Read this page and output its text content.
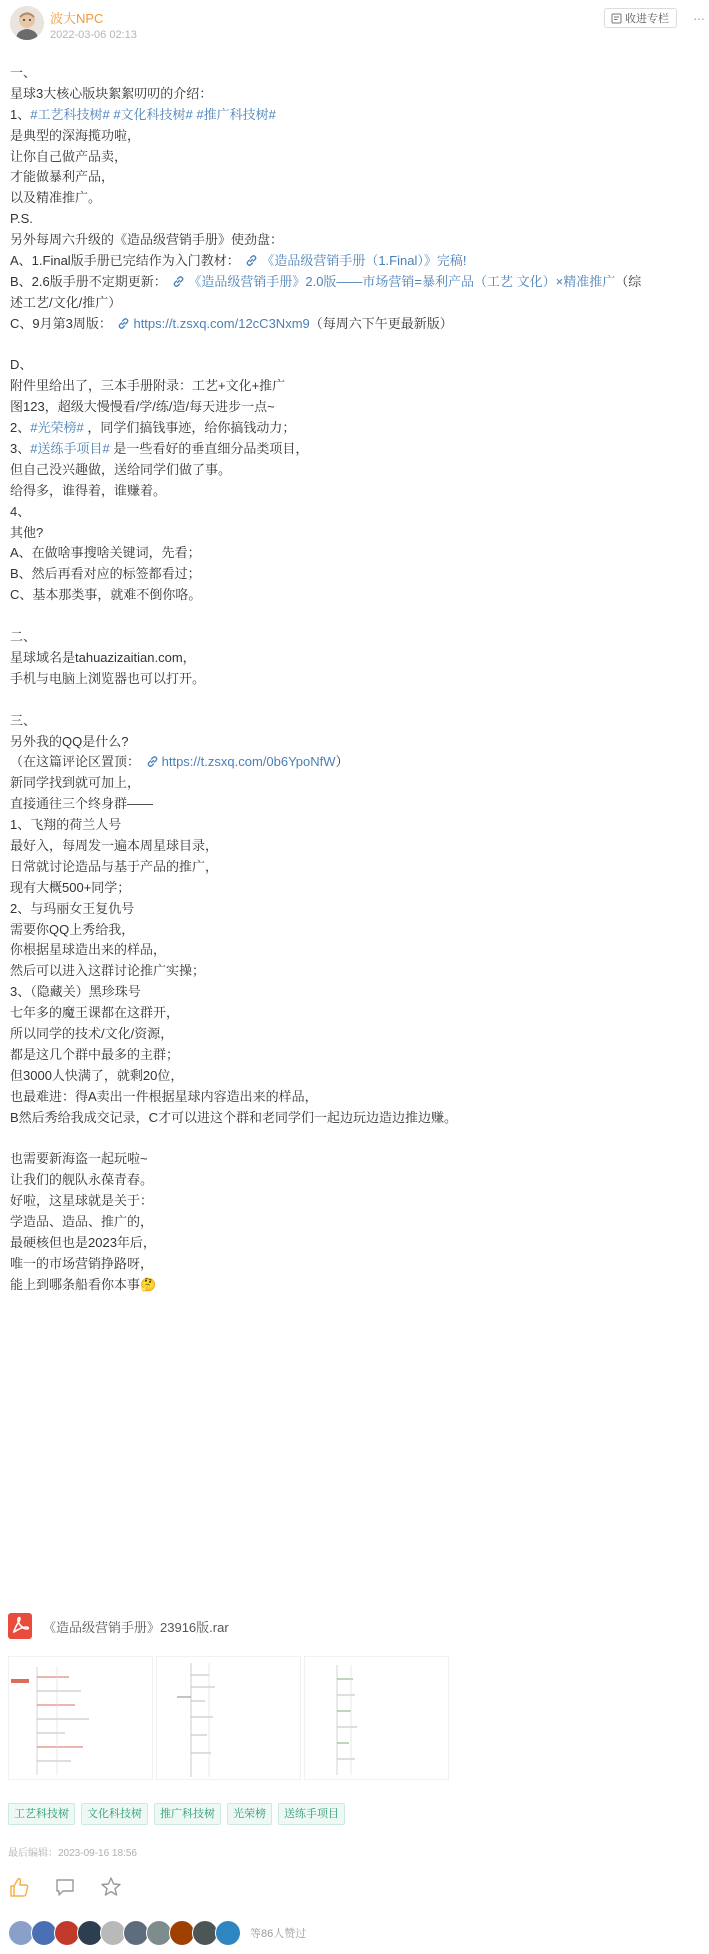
波大NPC
2022-03-06 02:13
收进专栏 ···
一、
星球3大核心版块絮絮叨叨的介绍：
1、#工艺科技树# #文化科技树# #推广科技树#
是典型的深海揽功啦，
让你自己做产品卖，
才能做暴利产品，
以及精准推广。
P.S.
另外每周六升级的《造品级营销手册》使劲盘：
A、1.Final版手册已完结作为入门教材： 《造品级营销手册（1.Final）》完稿!
B、2.6版手册不定期更新： 《造品级营销手册》2.0版——市场营销=暴利产品（工艺 文化）×精准推广（综
述工艺/文化/推广）
C、9月第3周版： https://t.zsxq.com/12cC3Nxm9（每周六下午更最新版）
D、
附件里给出了，三本手册附录：工艺+文化+推广
图123，超级大慢慢看/学/练/造/每天进步一点~
2、#光荣榜# ，同学们搞钱事迹，给你搞钱动力；
3、#送练手项目# 是一些看好的垂直细分品类项目，
但自己没兴趣做，送给同学们做了事。
给得多，谁得着，谁赚着。
4、
其他?
A、在做啥事搜啥关键词，先看；
B、然后再看对应的标签都看过；
C、基本那类事，就难不倒你咯。
二、
星球域名是tahuazizaitian.com，
手机与电脑上浏览器也可以打开。
三、
另外我的QQ是什么?
（在这篇评论区置顶： https://t.zsxq.com/0b6YpoNfW）
新同学找到就可加上，
直接通往三个终身群——
1、飞翔的荷兰人号
最好入，每周发一遍本周星球目录，
日常就讨论造品与基于产品的推广，
现有大概500+同学；
2、与玛丽女王复仇号
需要你QQ上秀给我，
你根据星球造出来的样品，
然后可以进入这群讨论推广实操；
3、（隐藏关）黑珍珠号
七年多的魔王课都在这群开，
所以同学的技术/文化/资源，
都是这几个群中最多的主群；
但3000人快满了，就剩20位，
也最难进：得A卖出一件根据星球内容造出来的样品，
B然后秀给我成交记录，C才可以进这个群和老同学们一起边玩边造边推边赚。
也需要新海盗一起玩啦~
让我们的舰队永葆青春。
好啦，这星球就是关于：
学造品、造品、推广的，
最硬核但也是2023年后，
唯一的市场营销挣路呀，
能上到哪条船看你本事🤔
《造品级营销手册》23916版.rar
工艺科技树	文化科技树	推广科技树	光荣榜	送练手项目
最后编辑：2023-09-16 18:56
等86人赞过
